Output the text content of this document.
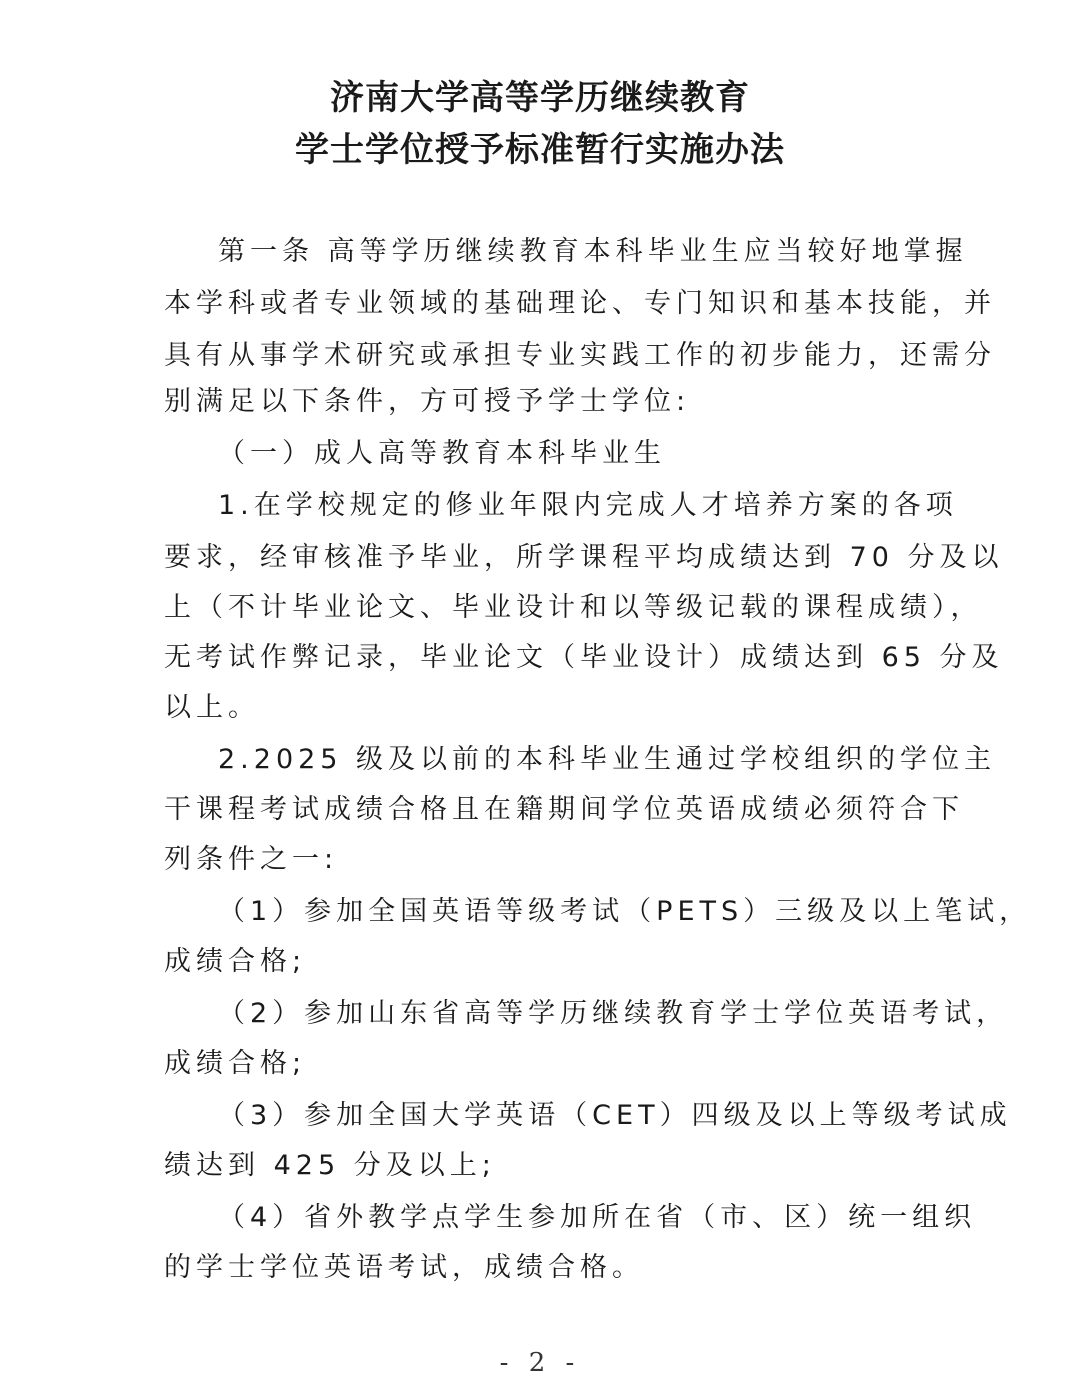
济南大学高等学历继续教育
学士学位授予标准暂行实施办法
第一条 高等学历继续教育本科毕业生应当较好地掌握
本学科或者专业领域的基础理论、专门知识和基本技能，并
具有从事学术研究或承担专业实践工作的初步能力，还需分
别满足以下条件，方可授予学士学位:
（一）成人高等教育本科毕业生
1.在学校规定的修业年限内完成人才培养方案的各项
要求，经审核准予毕业，所学课程平均成绩达到 70 分及以
上（不计毕业论文、毕业设计和以等级记载的课程成绩），
无考试作弊记录，毕业论文（毕业设计）成绩达到 65 分及
以上。
2.2025 级及以前的本科毕业生通过学校组织的学位主
干课程考试成绩合格且在籍期间学位英语成绩必须符合下
列条件之一:
（1）参加全国英语等级考试（PETS）三级及以上笔试，
成绩合格;
（2）参加山东省高等学历继续教育学士学位英语考试，
成绩合格;
（3）参加全国大学英语（CET）四级及以上等级考试成
绩达到 425 分及以上;
（4）省外教学点学生参加所在省（市、区）统一组织
的学士学位英语考试，成绩合格。
- 2 -
